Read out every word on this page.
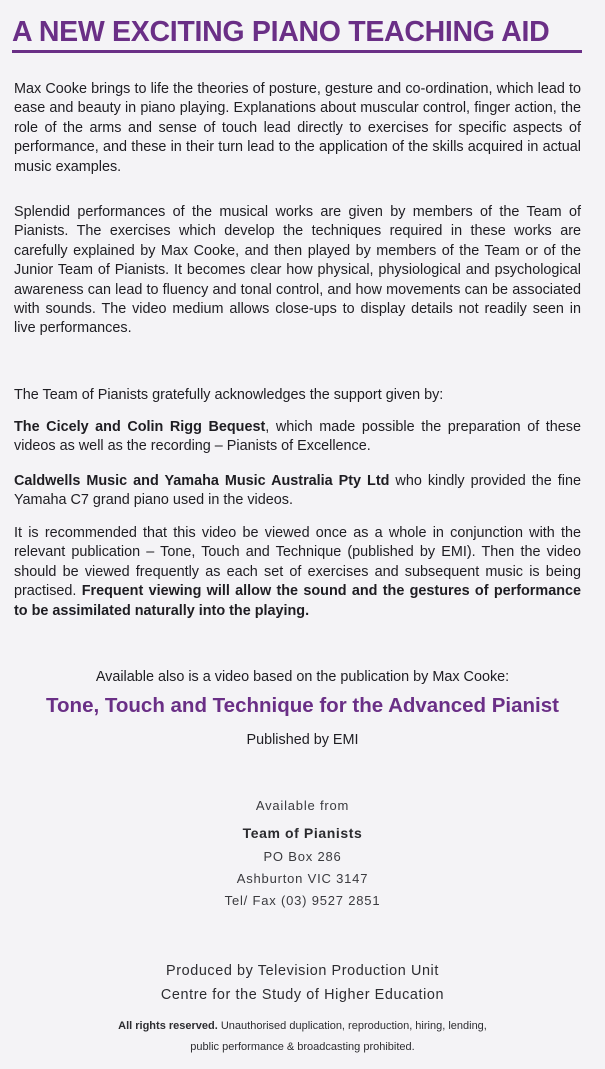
A NEW EXCITING PIANO TEACHING AID

Max Cooke brings to life the theories of posture, gesture and co-ordination, which lead to ease and beauty in piano playing. Explanations about muscular control, finger action, the role of the arms and sense of touch lead directly to exercises for specific aspects of performance, and these in their turn lead to the application of the skills acquired in actual music examples.

Splendid performances of the musical works are given by members of the Team of Pianists. The exercises which develop the techniques required in these works are carefully explained by Max Cooke, and then played by members of the Team or of the Junior Team of Pianists. It becomes clear how physical, physiological and psychological awareness can lead to fluency and tonal control, and how movements can be associated with sounds. The video medium allows close-ups to display details not readily seen in live performances.

The Team of Pianists gratefully acknowledges the support given by:

The Cicely and Colin Rigg Bequest, which made possible the preparation of these videos as well as the recording – Pianists of Excellence.

Caldwells Music and Yamaha Music Australia Pty Ltd who kindly provided the fine Yamaha C7 grand piano used in the videos.

It is recommended that this video be viewed once as a whole in conjunction with the relevant publication – Tone, Touch and Technique (published by EMI). Then the video should be viewed frequently as each set of exercises and subsequent music is being practised. Frequent viewing will allow the sound and the gestures of performance to be assimilated naturally into the playing.

Available also is a video based on the publication by Max Cooke:

Tone, Touch and Technique for the Advanced Pianist

Published by EMI

Available from

Team of Pianists

PO Box 286

Ashburton VIC 3147

Tel/ Fax (03) 9527 2851

Produced by Television Production Unit

Centre for the Study of Higher Education

All rights reserved. Unauthorised duplication, reproduction, hiring, lending,

public performance & broadcasting prohibited.
